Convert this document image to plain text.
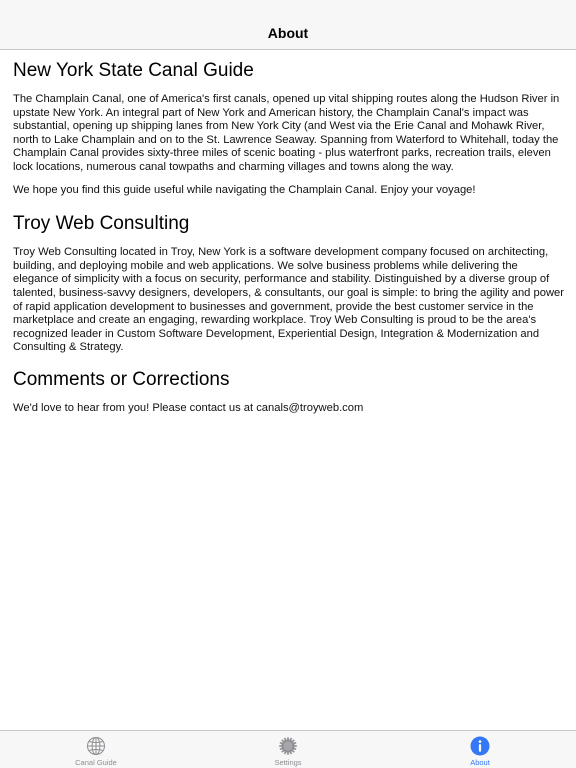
About
New York State Canal Guide

The Champlain Canal, one of America's first canals, opened up vital shipping routes along the Hudson River in upstate New York. An integral part of New York and American history, the Champlain Canal's impact was substantial, opening up shipping lanes from New York City (and West via the Erie Canal and Mohawk River, north to Lake Champlain and on to the St. Lawrence Seaway. Spanning from Waterford to Whitehall, today the Champlain Canal provides sixty-three miles of scenic boating - plus waterfront parks, recreation trails, eleven lock locations, numerous canal towpaths and charming villages and towns along the way.

We hope you find this guide useful while navigating the Champlain Canal. Enjoy your voyage!

Troy Web Consulting

Troy Web Consulting located in Troy, New York is a software development company focused on architecting, building, and deploying mobile and web applications. We solve business problems while delivering the elegance of simplicity with a focus on security, performance and stability. Distinguished by a diverse group of talented, business-savvy designers, developers, & consultants, our goal is simple: to bring the agility and power of rapid application development to businesses and government, provide the best customer service in the marketplace and create an engaging, rewarding workplace. Troy Web Consulting is proud to be the area's recognized leader in Custom Software Development, Experiential Design, Integration & Modernization and Consulting & Strategy.

Comments or Corrections

We'd love to hear from you! Please contact us at canals@troyweb.com

Canal Guide	Settings	About
